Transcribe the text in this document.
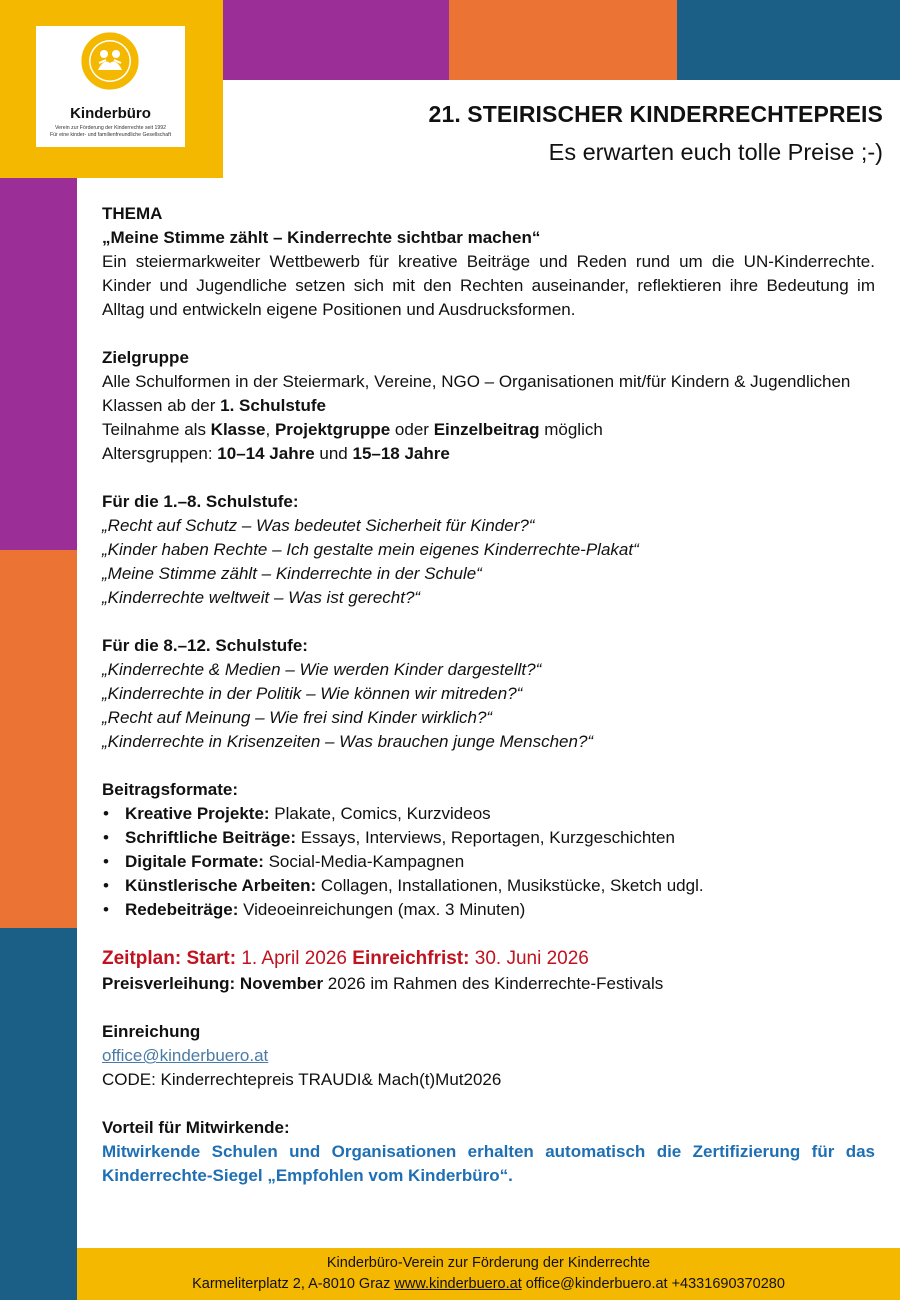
Kinderbüro
Verein zur Förderung der Kinderrechte seit 1992
Für eine kinder- und familienfreundliche Gesellschaft
21. STEIRISCHER KINDERRECHTEPREIS
Es erwarten euch tolle Preise ;-)
THEMA
„Meine Stimme zählt – Kinderrechte sichtbar machen“
Ein steiermarkweiter Wettbewerb für kreative Beiträge und Reden rund um die UN-Kinderrechte. Kinder und Jugendliche setzen sich mit den Rechten auseinander, reflektieren ihre Bedeutung im Alltag und entwickeln eigene Positionen und Ausdrucksformen.
Zielgruppe
Alle Schulformen in der Steiermark, Vereine, NGO – Organisationen mit/für Kindern & Jugendlichen
Klassen ab der 1. Schulstufe
Teilnahme als Klasse, Projektgruppe oder Einzelbeitrag möglich
Altersgruppen: 10–14 Jahre und 15–18 Jahre
Für die 1.–8. Schulstufe:
„Recht auf Schutz – Was bedeutet Sicherheit für Kinder?“
„Kinder haben Rechte – Ich gestalte mein eigenes Kinderrechte-Plakat“
„Meine Stimme zählt – Kinderrechte in der Schule“
„Kinderrechte weltweit – Was ist gerecht?“
Für die 8.–12. Schulstufe:
„Kinderrechte & Medien – Wie werden Kinder dargestellt?“
„Kinderrechte in der Politik – Wie können wir mitreden?“
„Recht auf Meinung – Wie frei sind Kinder wirklich?“
„Kinderrechte in Krisenzeiten – Was brauchen junge Menschen?“
Beitragsformate:
• Kreative Projekte: Plakate, Comics, Kurzvideos
• Schriftliche Beiträge: Essays, Interviews, Reportagen, Kurzgeschichten
• Digitale Formate: Social-Media-Kampagnen
• Künstlerische Arbeiten: Collagen, Installationen, Musikstücke, Sketch udgl.
• Redebeiträge: Videoeinreichungen (max. 3 Minuten)
Zeitplan: Start: 1. April 2026 Einreichfrist: 30. Juni 2026
Preisverleihung: November 2026 im Rahmen des Kinderrechte-Festivals
Einreichung
office@kinderbuero.at
CODE: Kinderrechtepreis TRAUDI& Mach(t)Mut2026
Vorteil für Mitwirkende:
Mitwirkende Schulen und Organisationen erhalten automatisch die Zertifizierung für das Kinderrechte-Siegel „Empfohlen vom Kinderbüro“.
Kinderbüro-Verein zur Förderung der Kinderrechte
Karmeliterplatz 2, A-8010 Graz www.kinderbuero.at office@kinderbuero.at +4331690370280
